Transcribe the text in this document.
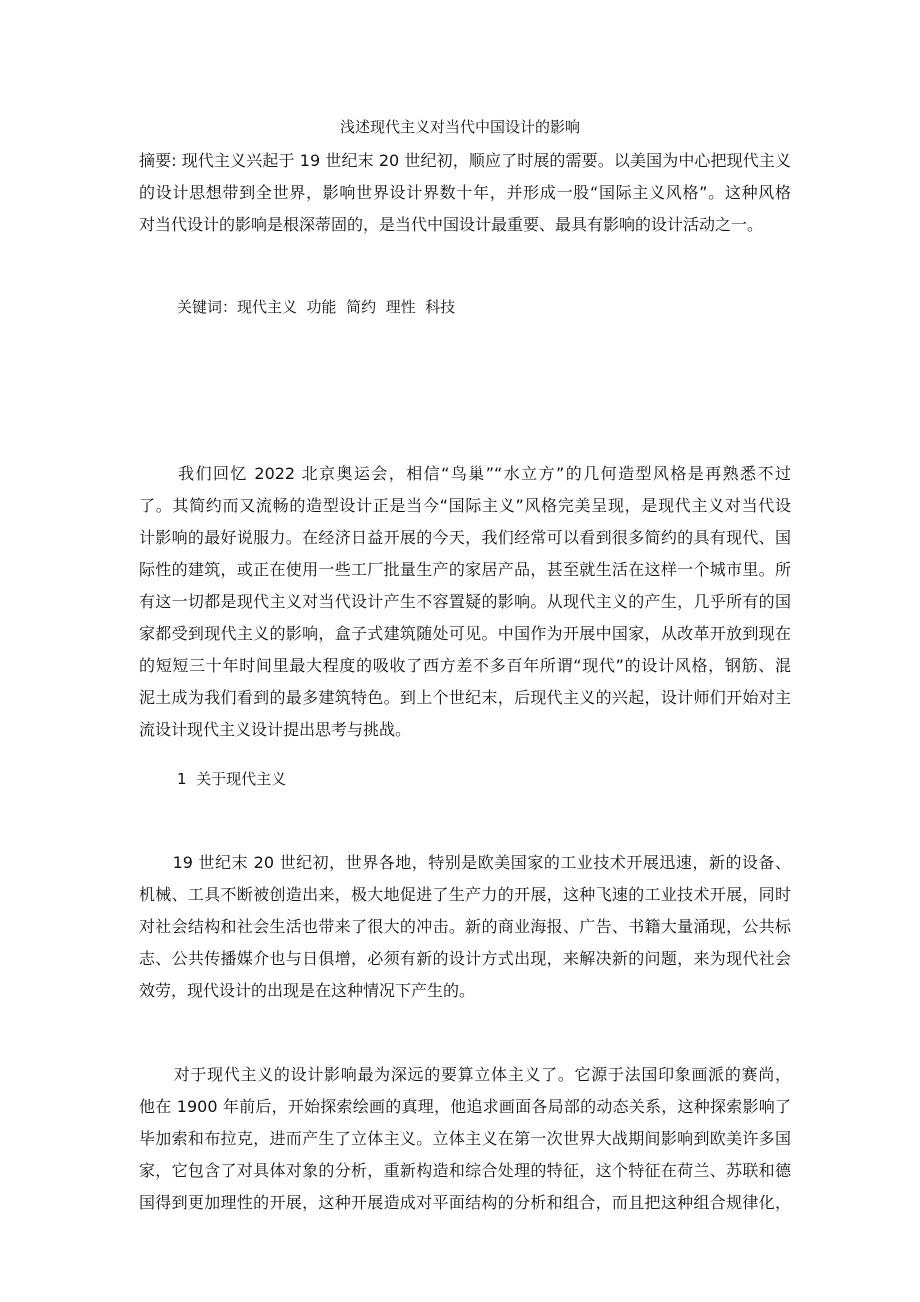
浅述现代主义对当代中国设计的影响
摘要: 现代主义兴起于 19 世纪末 20 世纪初，顺应了时展的需要。以美国为中心把现代主义
的设计思想带到全世界，影响世界设计界数十年，并形成一股“国际主义风格”。这种风格
对当代设计的影响是根深蒂固的，是当代中国设计最重要、最具有影响的设计活动之一。
关键词：现代主义  功能  简约  理性  科技
我们回忆 2022 北京奥运会，相信“鸟巢”“水立方”的几何造型风格是再熟悉不过
了。其简约而又流畅的造型设计正是当今“国际主义”风格完美呈现，是现代主义对当代设
计影响的最好说服力。在经济日益开展的今天，我们经常可以看到很多简约的具有现代、国
际性的建筑，或正在使用一些工厂批量生产的家居产品，甚至就生活在这样一个城市里。所
有这一切都是现代主义对当代设计产生不容置疑的影响。从现代主义的产生，几乎所有的国
家都受到现代主义的影响，盒子式建筑随处可见。中国作为开展中国家，从改革开放到现在
的短短三十年时间里最大程度的吸收了西方差不多百年所谓“现代”的设计风格，钢筋、混
泥土成为我们看到的最多建筑特色。到上个世纪末，后现代主义的兴起，设计师们开始对主
流设计现代主义设计提出思考与挑战。
1  关于现代主义
19 世纪末 20 世纪初，世界各地，特别是欧美国家的工业技术开展迅速，新的设备、
机械、工具不断被创造出来，极大地促进了生产力的开展，这种飞速的工业技术开展，同时
对社会结构和社会生活也带来了很大的冲击。新的商业海报、广告、书籍大量涌现，公共标
志、公共传播媒介也与日俱增，必须有新的设计方式出现，来解决新的问题，来为现代社会
效劳，现代设计的出现是在这种情况下产生的。
对于现代主义的设计影响最为深远的要算立体主义了。它源于法国印象画派的赛尚，
他在 1900 年前后，开始探索绘画的真理，他追求画面各局部的动态关系，这种探索影响了
毕加索和布拉克，进而产生了立体主义。立体主义在第一次世界大战期间影响到欧美许多国
家，它包含了对具体对象的分析，重新构造和综合处理的特征，这个特征在荷兰、苏联和德
国得到更加理性的开展，这种开展造成对平面结构的分析和组合，而且把这种组合规律化，
